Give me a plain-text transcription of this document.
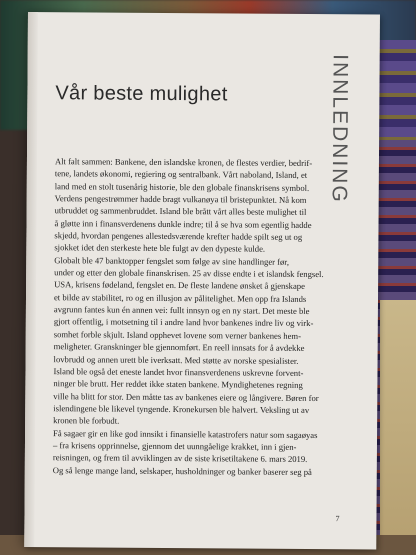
Vår beste mulighet	INNLEDNING
Alt falt sammen: Bankene, den islandske kronen, de flestes verdier, bedrif-
tene, landets økonomi, regiering og sentralbank. Vårt naboland, Island, et
land med en stolt tusenårig historie, ble den globale finanskrisens symbol.
Verdens pengestrømmer hadde bragt vulkanøya til bristepunktet. Nå kom
utbruddet og sammenbruddet. Island ble brått vårt alles beste mulighet til
å gløtte inn i finansverdenens dunkle indre; til å se hva som egentlig hadde
skjedd, hvordan pengenes allestedsværende krefter hadde spilt seg ut og
sjokket idet den sterkeste hete ble fulgt av den dypeste kulde.
Globalt ble 47 banktopper fengslet som følge av sine handlinger før,
under og etter den globale finanskrisen. 25 av disse endte i et islandsk fengsel.
USA, krisens fødeland, fengslet en. De fleste landene ønsket å gjenskape
et bilde av stabilitet, ro og en illusjon av pålitelighet. Men opp fra Islands
avgrunn fantes kun én annen vei: fullt innsyn og en ny start. Det meste ble
gjort offentlig, i motsetning til i andre land hvor bankenes indre liv og virk-
somhet forble skjult. Island opphevet lovene som verner bankenes hem-
meligheter. Granskninger ble gjennomført. En reell innsats for å avdekke
lovbrudd og annen urett ble iverksatt. Med støtte av norske spesialister.
Island ble også det eneste landet hvor finansverdenens uskrevne forvent-
ninger ble brutt. Her reddet ikke staten bankene. Myndighetenes regning
ville ha blitt for stor. Den måtte tas av bankenes eiere og långivere. Børen for
islendingene ble likevel tyngende. Kronekursen ble halvert. Veksling ut av
kronen ble forbudt.
Få sagaer gir en like god innsikt i finansielle katastrofers natur som sagaøyas
– fra krisens opprinnelse, gjennom det uunngåelige krakket, inn i gjen-
reisningen, og frem til avviklingen av de siste krisetiltakene 6. mars 2019.
Og så lenge mange land, selskaper, husholdninger og banker baserer seg på
7
